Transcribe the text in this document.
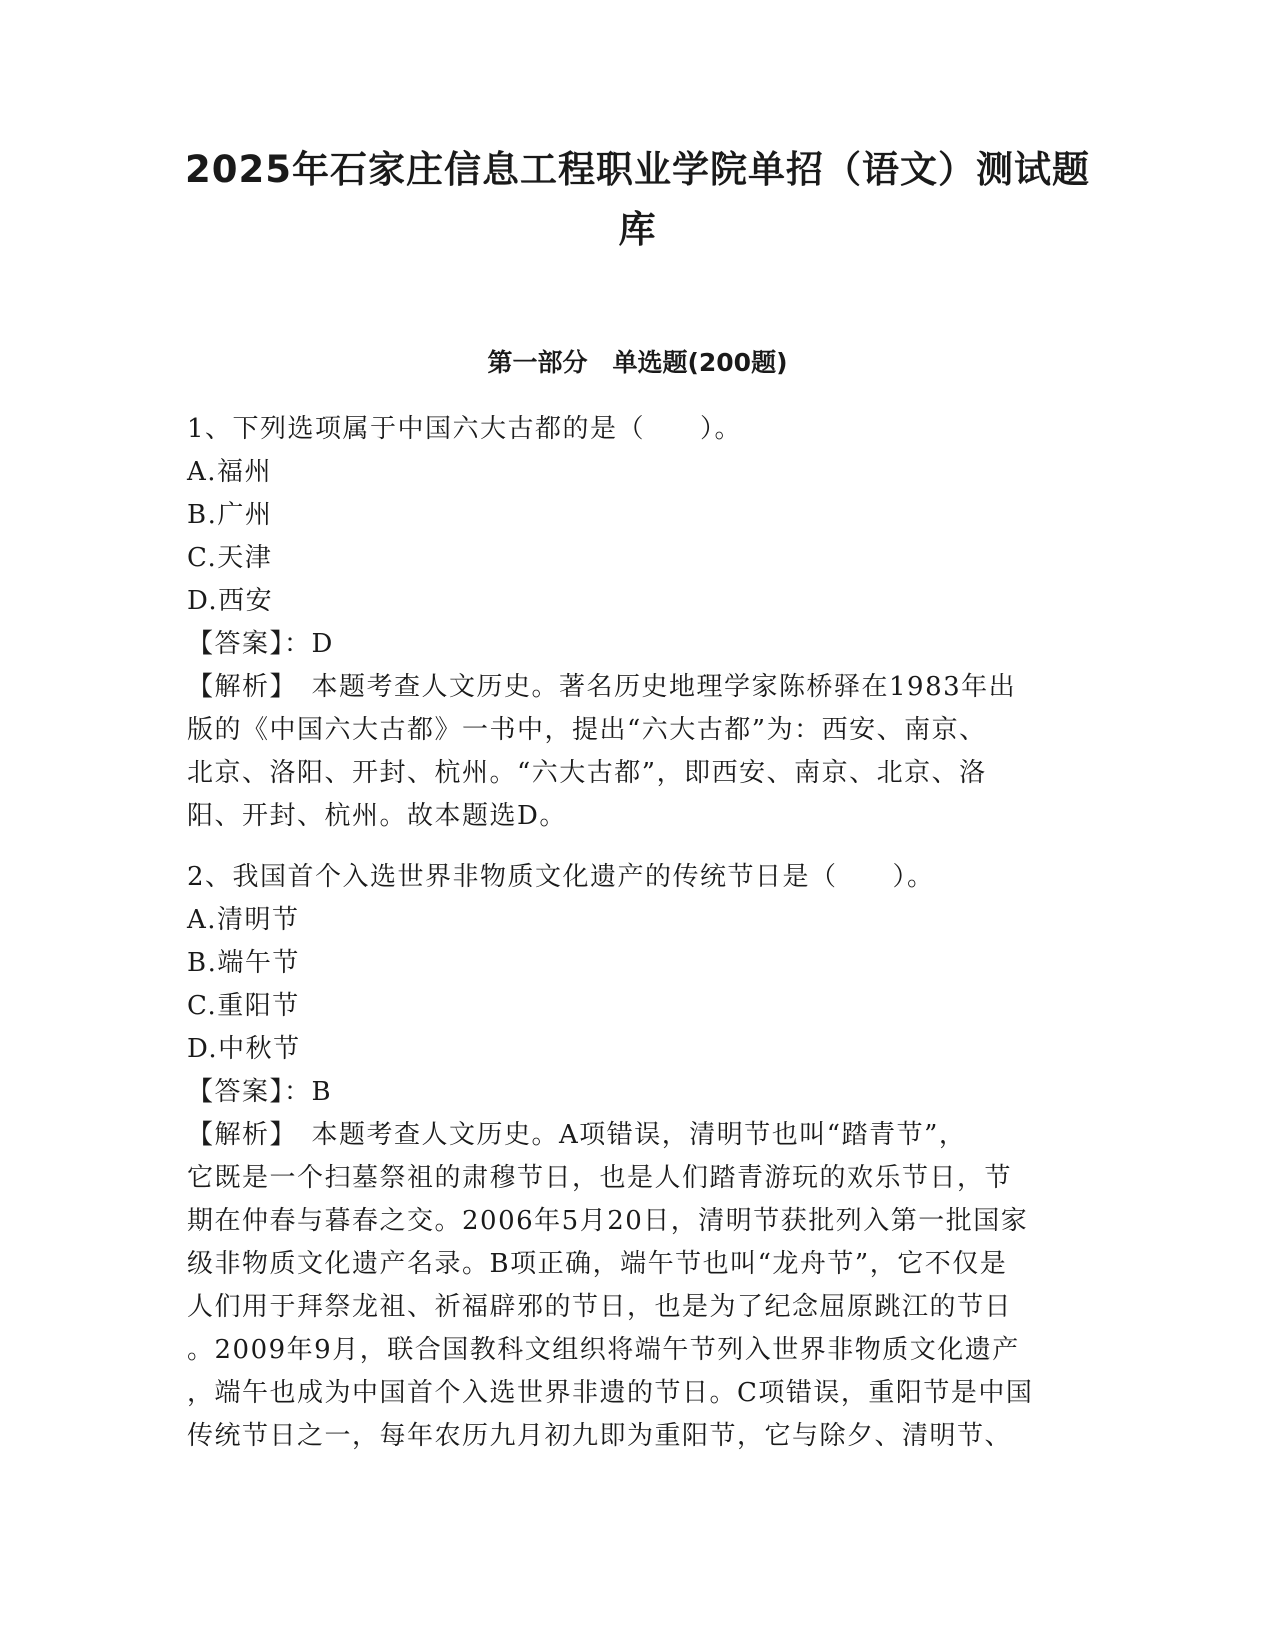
2025年石家庄信息工程职业学院单招（语文）测试题
库
第一部分　单选题(200题)
1、下列选项属于中国六大古都的是（　　）。
A.福州
B.广州
C.天津
D.西安
【答案】：D
【解析】　本题考查人文历史。著名历史地理学家陈桥驿在1983年出
版的《中国六大古都》一书中，提出“六大古都”为：西安、南京、
北京、洛阳、开封、杭州。“六大古都”，即西安、南京、北京、洛
阳、开封、杭州。故本题选D。
2、我国首个入选世界非物质文化遗产的传统节日是（　　）。
A.清明节
B.端午节
C.重阳节
D.中秋节
【答案】：B
【解析】　本题考查人文历史。A项错误，清明节也叫“踏青节”，
它既是一个扫墓祭祖的肃穆节日，也是人们踏青游玩的欢乐节日，节
期在仲春与暮春之交。2006年5月20日，清明节获批列入第一批国家
级非物质文化遗产名录。B项正确，端午节也叫“龙舟节”，它不仅是
人们用于拜祭龙祖、祈福辟邪的节日，也是为了纪念屈原跳江的节日
。2009年9月，联合国教科文组织将端午节列入世界非物质文化遗产
，端午也成为中国首个入选世界非遗的节日。C项错误，重阳节是中国
传统节日之一，每年农历九月初九即为重阳节，它与除夕、清明节、
